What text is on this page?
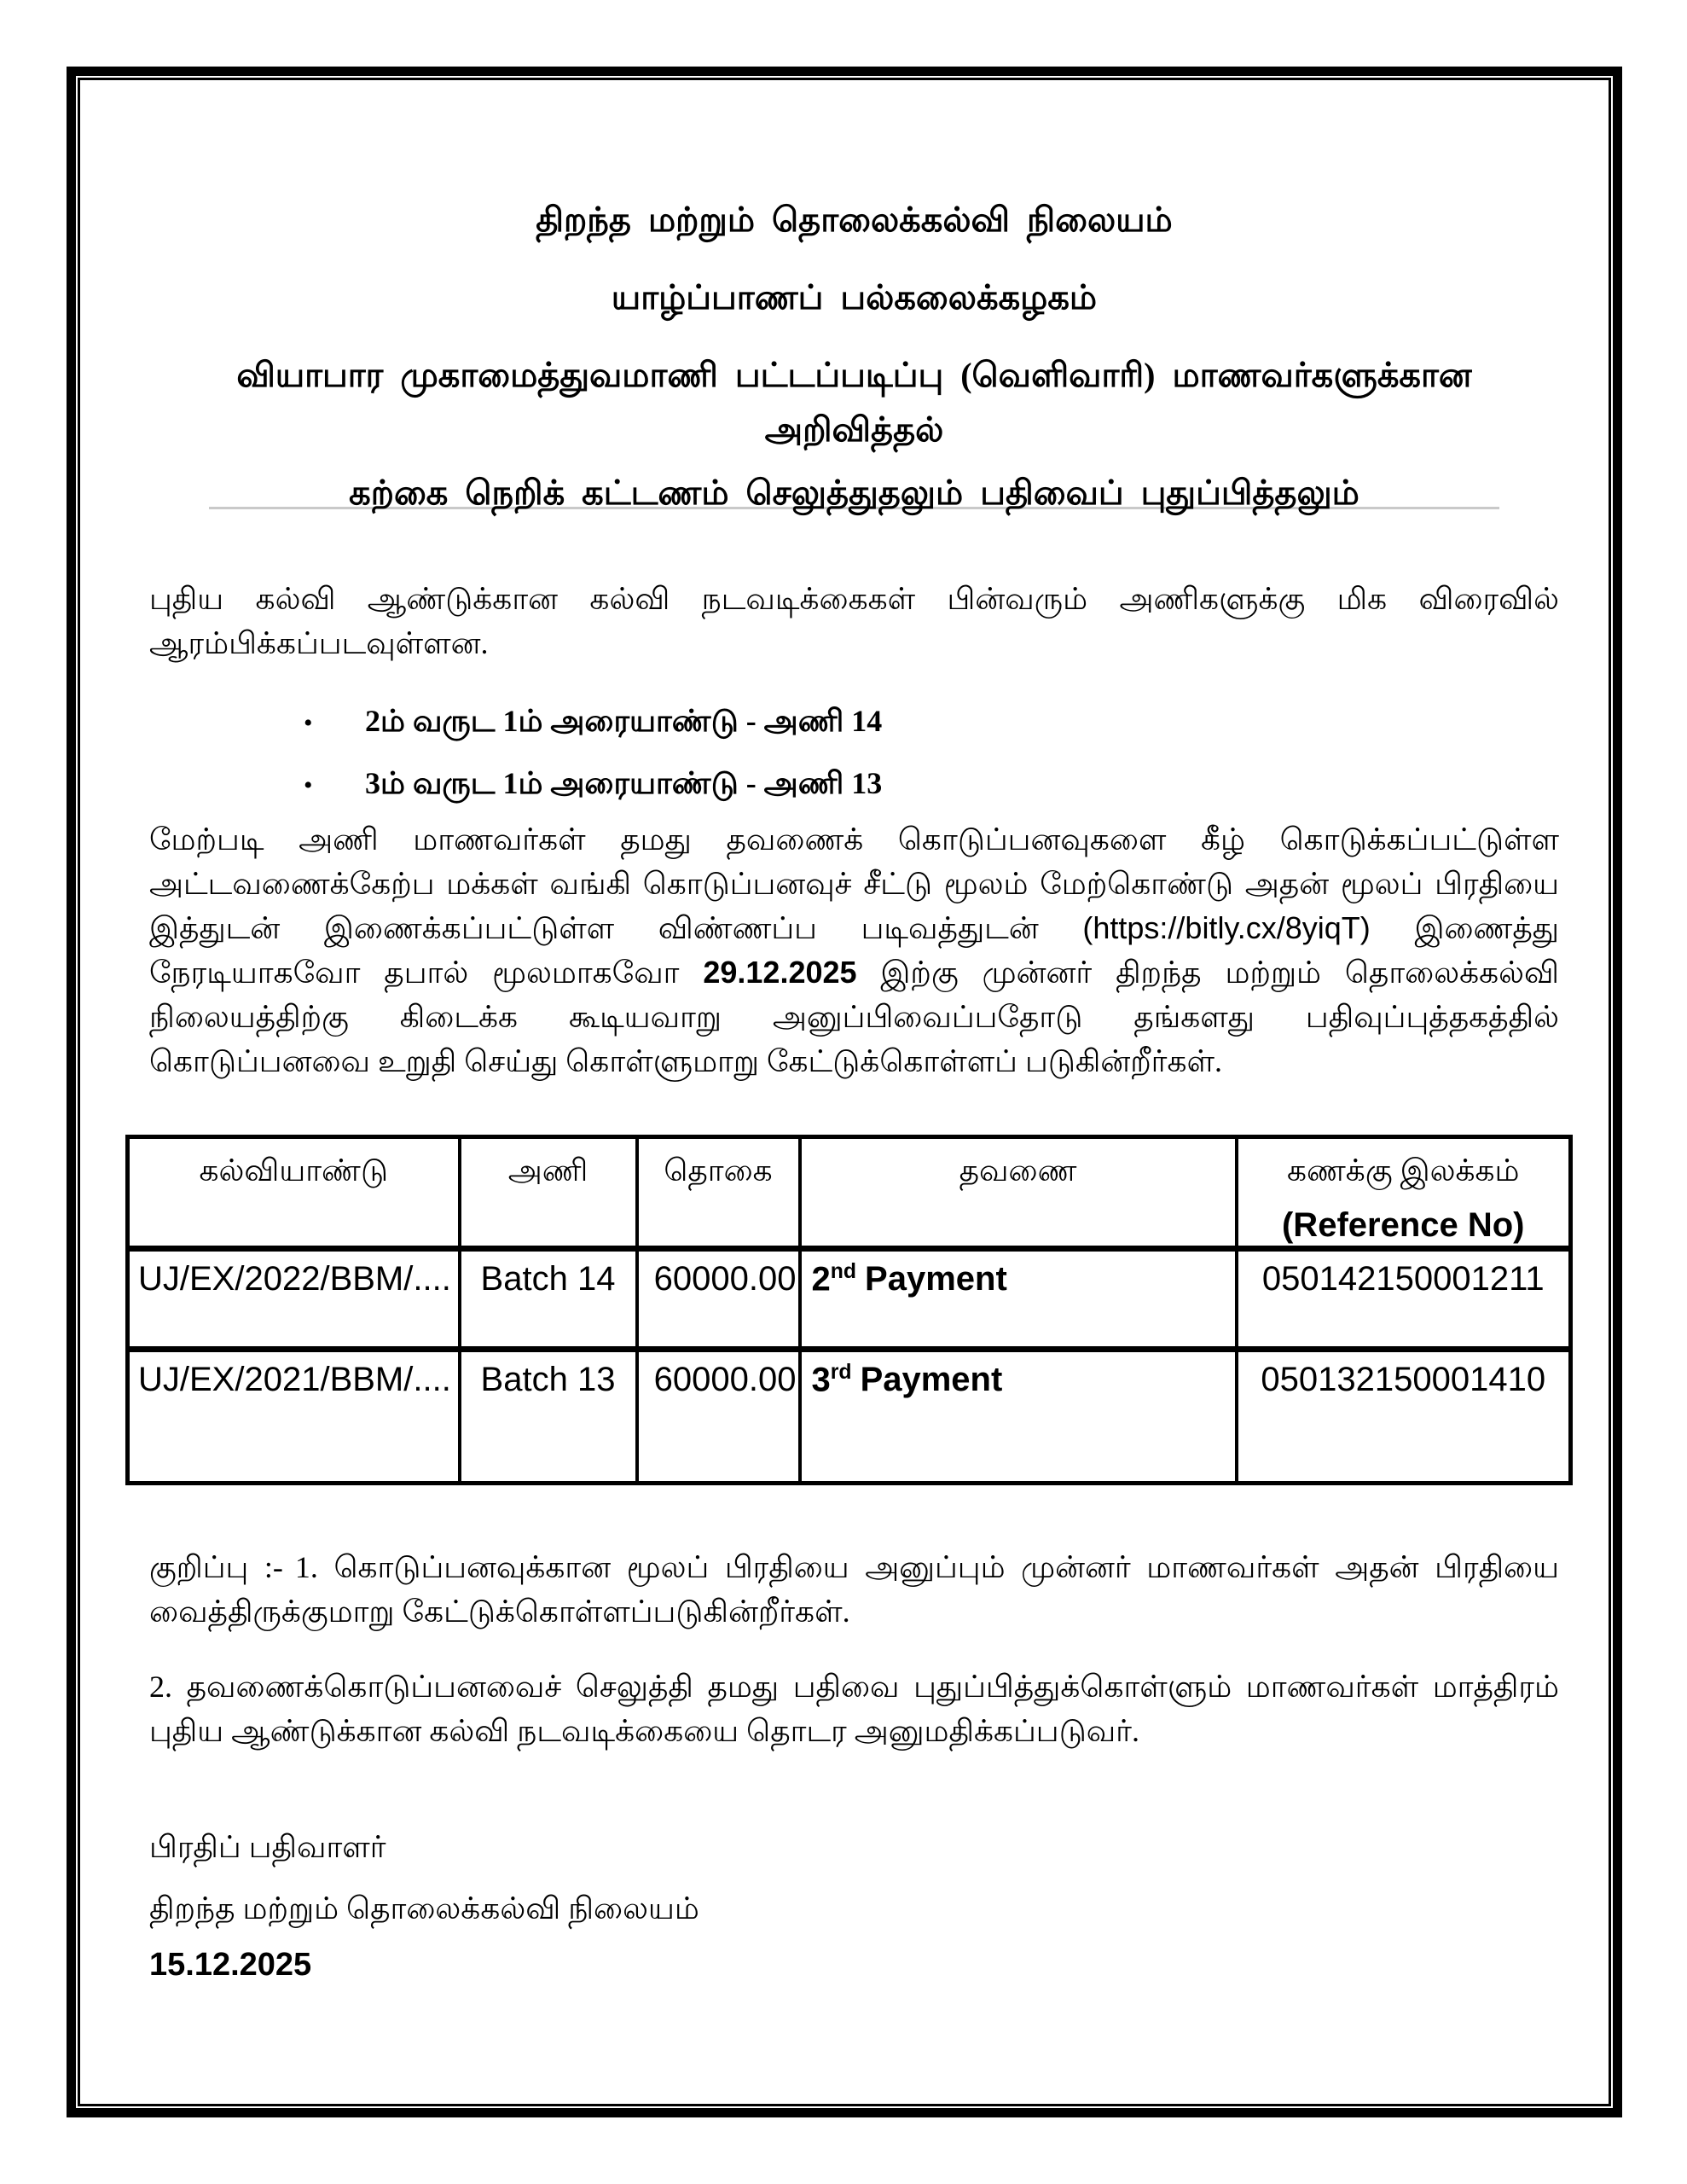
திறந்த மற்றும் தொலைக்கல்வி நிலையம்
யாழ்ப்பாணப் பல்கலைக்கழகம்
வியாபார முகாமைத்துவமாணி பட்டப்படிப்பு (வெளிவாரி) மாணவர்களுக்கான
அறிவித்தல்
கற்கை நெறிக் கட்டணம் செலுத்துதலும் பதிவைப் புதுப்பித்தலும்

புதிய கல்வி ஆண்டுக்கான கல்வி நடவடிக்கைகள் பின்வரும் அணிகளுக்கு மிக விரைவில் ஆரம்பிக்கப்படவுள்ளன.

•	2ம் வருட 1ம் அரையாண்டு - அணி 14
•	3ம் வருட 1ம் அரையாண்டு - அணி 13

மேற்படி அணி மாணவர்கள் தமது தவணைக் கொடுப்பனவுகளை கீழ் கொடுக்கப்பட்டுள்ள அட்டவணைக்கேற்ப மக்கள் வங்கி கொடுப்பனவுச் சீட்டு மூலம் மேற்கொண்டு அதன் மூலப் பிரதியை இத்துடன் இணைக்கப்பட்டுள்ள விண்ணப்ப படிவத்துடன் (https://bitly.cx/8yiqT) இணைத்து நேரடியாகவோ தபால் மூலமாகவோ 29.12.2025 இற்கு முன்னர் திறந்த மற்றும் தொலைக்கல்வி நிலையத்திற்கு கிடைக்க கூடியவாறு அனுப்பிவைப்பதோடு தங்களது பதிவுப்புத்தகத்தில் கொடுப்பனவை உறுதி செய்து கொள்ளுமாறு கேட்டுக்கொள்ளப் படுகின்றீர்கள்.

கல்வியாண்டு	அணி	தொகை	தவணை	கணக்கு இலக்கம்
(Reference No)

UJ/EX/2022/BBM/....	Batch 14	60000.00	2nd Payment	050142150001211
UJ/EX/2021/BBM/....	Batch 13	60000.00	3rd Payment	050132150001410

குறிப்பு :- 1. கொடுப்பனவுக்கான மூலப் பிரதியை அனுப்பும் முன்னர் மாணவர்கள் அதன் பிரதியை வைத்திருக்குமாறு கேட்டுக்கொள்ளப்படுகின்றீர்கள்.

2. தவணைக்கொடுப்பனவைச் செலுத்தி தமது பதிவை புதுப்பித்துக்கொள்ளும் மாணவர்கள் மாத்திரம் புதிய ஆண்டுக்கான கல்வி நடவடிக்கையை தொடர அனுமதிக்கப்படுவர்.

பிரதிப் பதிவாளர்
திறந்த மற்றும் தொலைக்கல்வி நிலையம்
15.12.2025
